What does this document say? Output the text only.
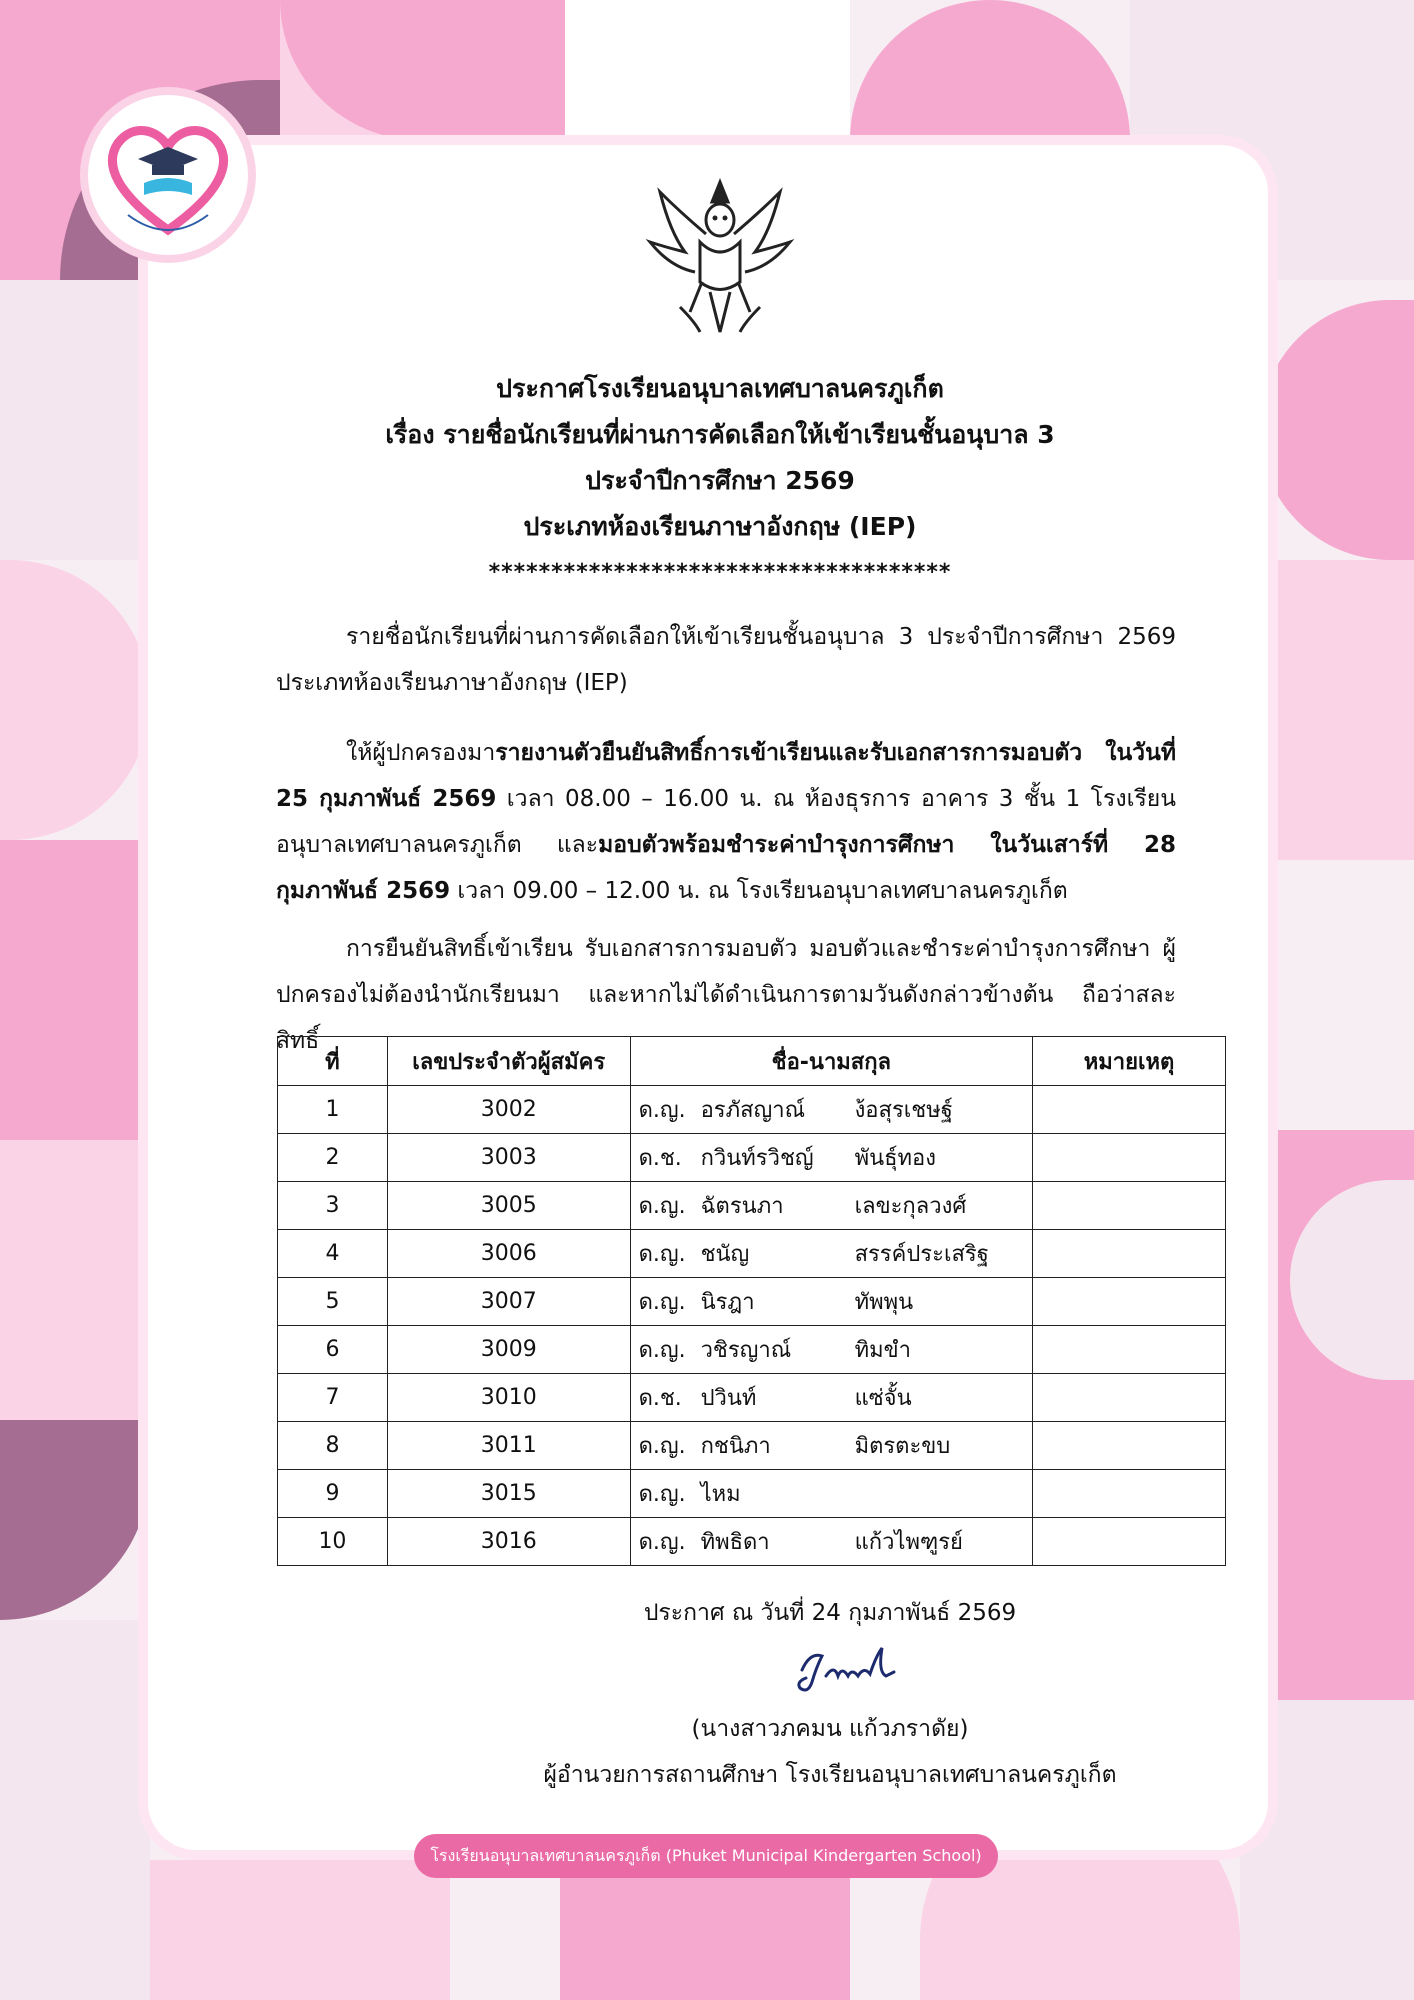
ประกาศโรงเรียนอนุบาลเทศบาลนครภูเก็ต
เรื่อง รายชื่อนักเรียนที่ผ่านการคัดเลือกให้เข้าเรียนชั้นอนุบาล 3
ประจำปีการศึกษา 2569
ประเภทห้องเรียนภาษาอังกฤษ (IEP)
*************************************

รายชื่อนักเรียนที่ผ่านการคัดเลือกให้เข้าเรียนชั้นอนุบาล 3 ประจำปีการศึกษา 2569 ประเภทห้องเรียนภาษาอังกฤษ (IEP)

ให้ผู้ปกครองมารายงานตัวยืนยันสิทธิ์การเข้าเรียนและรับเอกสารการมอบตัว ในวันที่ 25 กุมภาพันธ์ 2569 เวลา 08.00 – 16.00 น. ณ ห้องธุรการ อาคาร 3 ชั้น 1 โรงเรียนอนุบาลเทศบาลนครภูเก็ต และมอบตัวพร้อมชำระค่าบำรุงการศึกษา ในวันเสาร์ที่ 28 กุมภาพันธ์ 2569 เวลา 09.00 – 12.00 น. ณ โรงเรียนอนุบาลเทศบาลนครภูเก็ต

การยืนยันสิทธิ์เข้าเรียน รับเอกสารการมอบตัว มอบตัวและชำระค่าบำรุงการศึกษา ผู้ปกครองไม่ต้องนำนักเรียนมา และหากไม่ได้ดำเนินการตามวันดังกล่าวข้างต้น ถือว่าสละสิทธิ์

ที่	เลขประจำตัวผู้สมัคร	ชื่อ-นามสกุล	หมายเหตุ
1	3002	ด.ญ. อรภัสญาณ์ ง้อสุรเชษฐ์	
2	3003	ด.ช. กวินท์รวิชญ์ พันธุ์ทอง	
3	3005	ด.ญ. ฉัตรนภา เลขะกุลวงศ์	
4	3006	ด.ญ. ชนัญ สรรค์ประเสริฐ	
5	3007	ด.ญ. นิรฎา ทัพพุน	
6	3009	ด.ญ. วชิรญาณ์ ทิมขำ	
7	3010	ด.ช. ปวินท์ แซ่จั้น	
8	3011	ด.ญ. กชนิภา มิตรตะขบ	
9	3015	ด.ญ. ไหม	
10	3016	ด.ญ. ทิพธิดา แก้วไพฑูรย์	
ประกาศ ณ วันที่ 24 กุมภาพันธ์ 2569
(นางสาวภคมน แก้วภราดัย)
ผู้อำนวยการสถานศึกษา โรงเรียนอนุบาลเทศบาลนครภูเก็ต
โรงเรียนอนุบาลเทศบาลนครภูเก็ต (Phuket Municipal Kindergarten School)
